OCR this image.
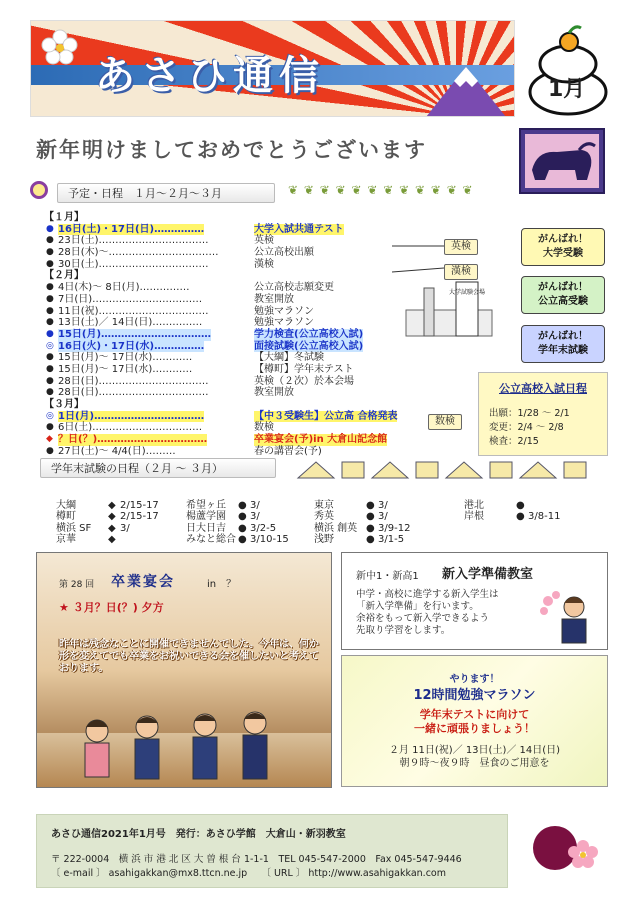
あさひ通信	1月
新年明けましておめでとうございます
予定・日程　１月～２月～３月	❦ ❦ ❦ ❦ ❦ ❦ ❦ ❦ ❦ ❦ ❦ ❦
【１月】
● 16日(土)・17日(日)……………	大学入試共通テスト
● 23日(土)……………………………	英検
● 28日(木)～……………………………	公立高校出願
● 30日(土)……………………………	漢検
【２月】
● 4日(木)～ 8日(月)……………	公立高校志願変更
● 7日(日)……………………………	教室開放
● 11日(祝)……………………………	勉強マラソン
● 13日(土)／ 14日(日)……………	勉強マラソン
● 15日(月)……………………………	学力検査(公立高校入試)
◎ 16日(火)・17日(水)……………	面接試験(公立高校入試)
● 15日(月)～ 17日(水)…………	【大綱】冬試験
● 15日(月)～ 17日(水)…………	【樽町】学年末テスト
● 28日(日)……………………………	英検（２次）於本会場
● 28日(日)……………………………	教室開放
【３月】
◎ 1日(月)……………………………	【中３受験生】公立高 合格発表
● 6日(土)……………………………	数検
◆ ？日(？)……………………………	卒業宴会(予)in 大倉山記念館
● 27日(土)～ 4/4(日)………	春の講習会(予)
英検
漢検
数検
がんばれ！
大学受験
がんばれ！
公立高受験
がんばれ！
学年末試験
大学試験会場
公立高校入試日程
出願：1/28 ～ 2/1
変更：2/4 ～ 2/8
検査：2/15
学年末試験の日程（２月 ～ ３月）
大綱	◆ 2/15-17
樽町	◆ 2/15-17
横浜 SF ◆ 3/
京華	◆
希望ヶ丘 ● 3/
楊蘆学園 ● 3/
日大日吉 ● 3/2-5
みなと総合 ● 3/10-15
東京	● 3/
秀英	● 3/
横浜 創英 ● 3/9-12
浅野	● 3/1-5
港北	●
岸根	● 3/8-11
第 28 回 卒業宴会	in　？
★ ３月？日(？) 夕方
昨年は残念なことに開催できませんでした。今年は、何か形を変えてでも卒業をお祝いできる会を催したいと考えております。
新中1・新高1 新入学準備教室
中学・高校に進学する新入学生は
「新入学準備」を行います。
余裕をもって新入学できるよう
先取り学習をします。
やります！
12時間勉強マラソン
学年末テストに向けて
一緒に頑張りましょう！
２月 11日(祝)／ 13日(土)／ 14日(日)
朝９時～夜９時　昼食のご用意を
あさひ通信2021年1月号　発行：あさひ学館　大倉山・新羽教室
〒 222-0004　横 浜 市 港 北 区 大 曽 根 台 1-1-1　TEL 045-547-2000　Fax 045-547-9446
〔 e-mail 〕 asahigakkan@mx8.ttcn.ne.jp　　〔 URL 〕 http://www.asahigakkan.com
